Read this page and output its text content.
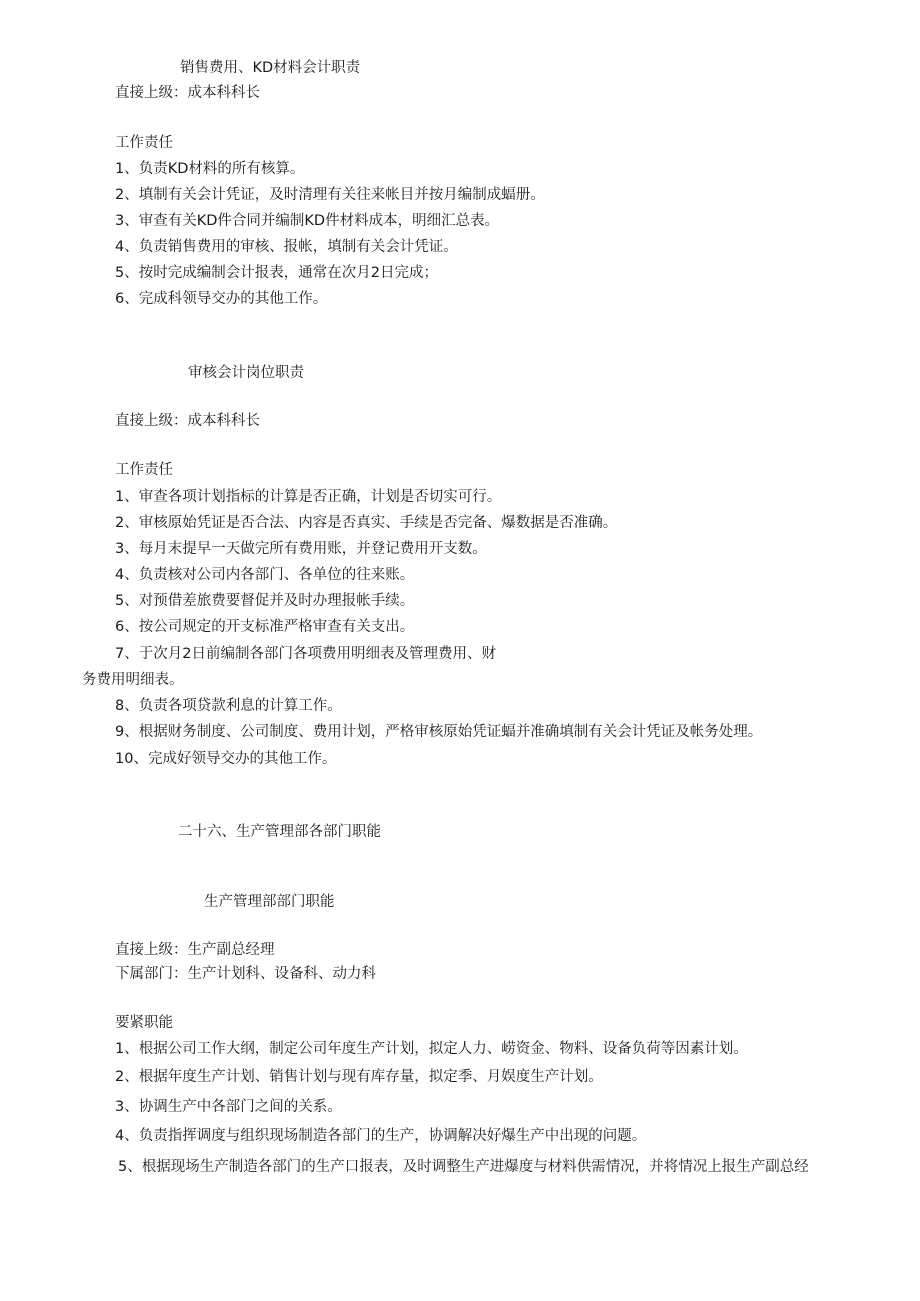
销售费用、KD材料会计职责
直接上级：成本科科长
工作责任
1、负责KD材料的所有核算。
2、填制有关会计凭证，及时清理有关往来帐目并按月编制成蝠册。
3、审查有关KD件合同并编制KD件材料成本，明细汇总表。
4、负责销售费用的审核、报帐，填制有关会计凭证。
5、按时完成编制会计报表，通常在次月2日完成；
6、完成科领导交办的其他工作。
审核会计岗位职责
直接上级：成本科科长
工作责任
1、审查各项计划指标的计算是否正确，计划是否切实可行。
2、审核原始凭证是否合法、内容是否真实、手续是否完备、爆数据是否准确。
3、每月末提早一天做完所有费用账，并登记费用开支数。
4、负责核对公司内各部门、各单位的往来账。
5、对预借差旅费要督促并及时办理报帐手续。
6、按公司规定的开支标准严格审查有关支出。
7、于次月2日前编制各部门各项费用明细表及管理费用、财
务费用明细表。
8、负责各项贷款利息的计算工作。
9、根据财务制度、公司制度、费用计划，严格审核原始凭证蝠并准确填制有关会计凭证及帐务处理。
10、完成好领导交办的其他工作。
二十六、生产管理部各部门职能
生产管理部部门职能
直接上级：生产副总经理
下属部门：生产计划科、设备科、动力科
要紧职能
1、根据公司工作大纲，制定公司年度生产计划，拟定人力、崂资金、物料、设备负荷等因素计划。
2、根据年度生产计划、销售计划与现有库存量，拟定季、月娱度生产计划。
3、协调生产中各部门之间的关系。
4、负责指挥调度与组织现场制造各部门的生产，协调解决好爆生产中出现的问题。
5、根据现场生产制造各部门的生产口报表，及时调整生产进爆度与材料供需情况，并将情况上报生产副总经
